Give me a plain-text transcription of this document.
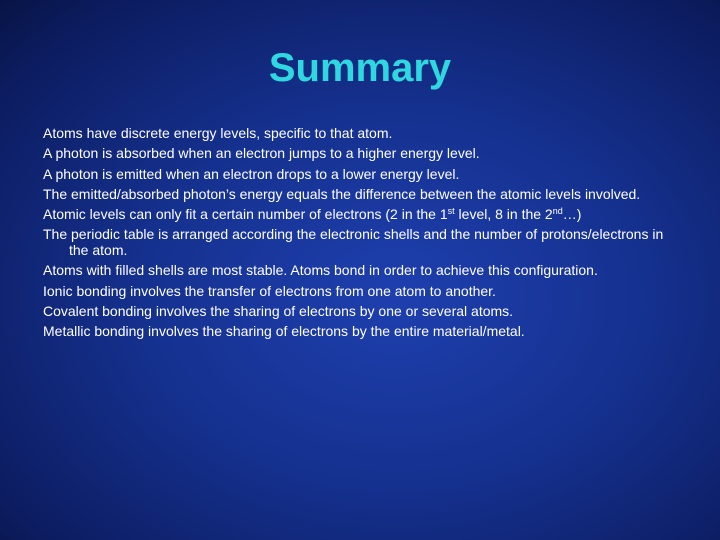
Summary
Atoms have discrete energy levels, specific to that atom.
A photon is absorbed when an electron jumps to a higher energy level.
A photon is emitted when an electron drops to a lower energy level.
The emitted/absorbed photon’s energy equals the difference between the atomic levels involved.
Atomic levels can only fit a certain number of electrons (2 in the 1st level, 8 in the 2nd…)
The periodic table is arranged according the electronic shells and the number of protons/electrons in the atom.
Atoms with filled shells are most stable. Atoms bond in order to achieve this configuration.
Ionic bonding involves the transfer of electrons from one atom to another.
Covalent bonding involves the sharing of electrons by one or several atoms.
Metallic bonding involves the sharing of electrons by the entire material/metal.
